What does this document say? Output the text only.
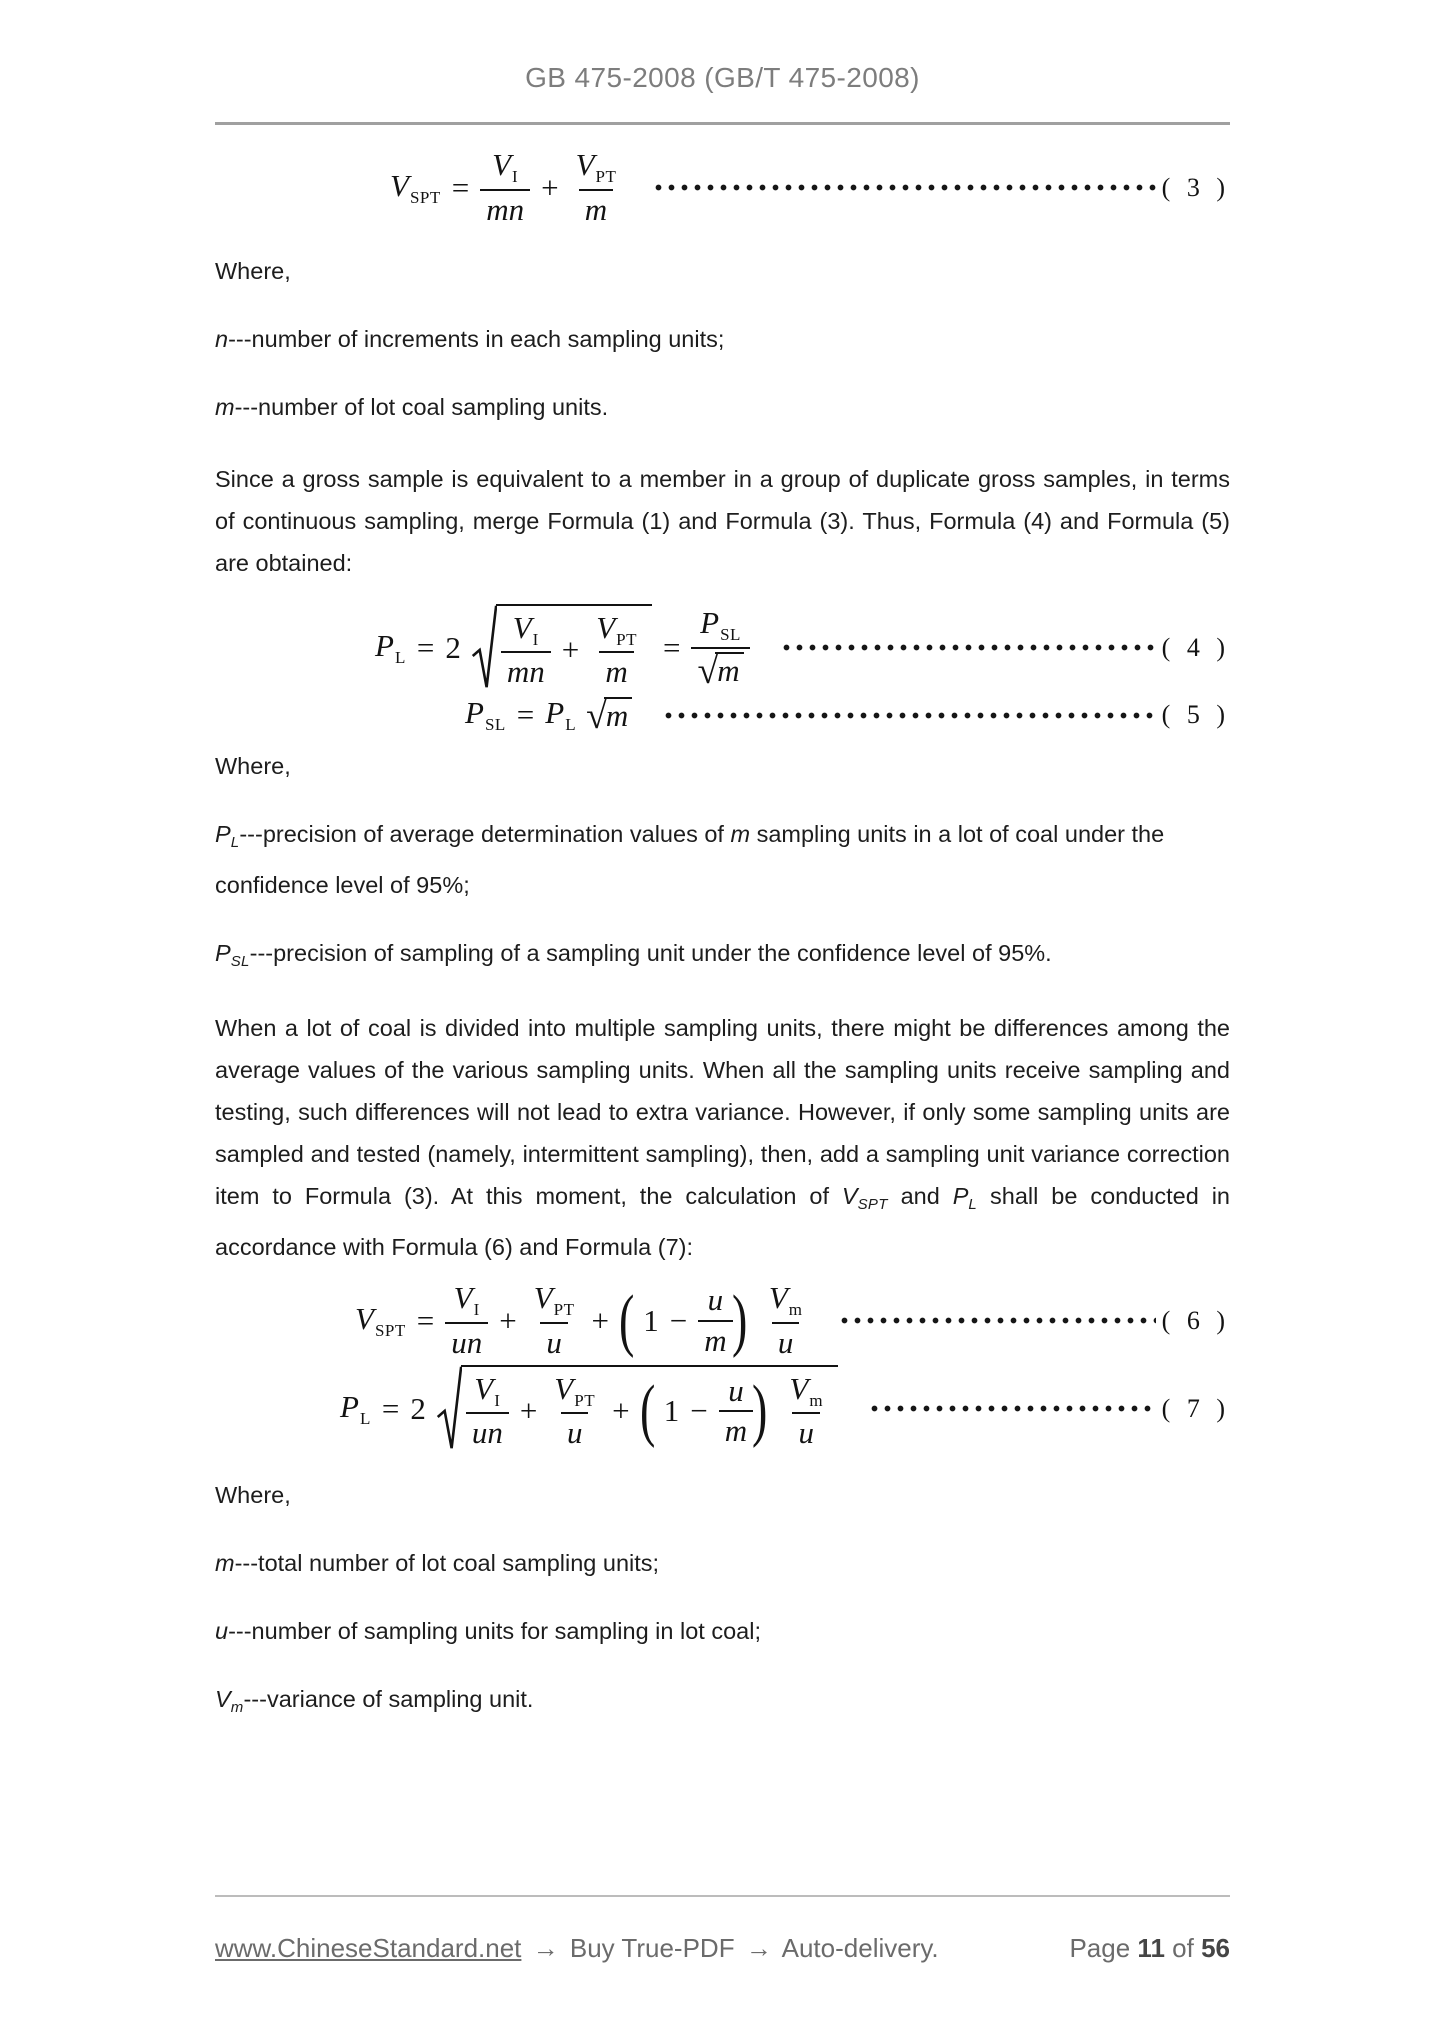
GB 475-2008 (GB/T 475-2008)
$V_{SPT} = \frac{V_I}{mn} + \frac{V_{PT}}{m}$	( 3 )

Where,

n---number of increments in each sampling units;

m---number of lot coal sampling units.

Since a gross sample is equivalent to a member in a group of duplicate gross samples, in terms of continuous sampling, merge Formula (1) and Formula (3). Thus, Formula (4) and Formula (5) are obtained:

$P_L = 2 \frac{V_I}{mn} + \frac{V_{PT}}{m} = \frac{P_{SL}}{√m}$	( 4 )
$P_{SL} = P_L$ √m	( 5 )

Where,

$P_L--$-precision of average determination values of m sampling units in a lot of coal under the confidence level of 95%;

$P_{SL}--$-precision of sampling of a sampling unit under the confidence level of 95%.

When a lot of coal is divided into multiple sampling units, there might be differences among the average values of the various sampling units. When all the sampling units receive sampling and testing, such differences will not lead to extra variance. However, if only some sampling units are sampled and tested (namely, intermittent sampling), then, add a sampling unit variance correction item to Formula (3). At this moment, the calculation of $V_{SPT}$ and $P_L$ shall be conducted in accordance with Formula (6) and Formula (7):

$V_{SPT} = \frac{V_I}{un} + \frac{V_{PT}}{u}$ + ( $1 - \frac{u}{m}$
) $\frac{V_m}{u}$	( 6 )
$P_L = 2 \frac{V_I}{un} + \frac{V_{PT}}{u}$ + ( $1 - \frac{u}{m}$
) $\frac{V_m}{u}$	( 7 )

Where,

m---total number of lot coal sampling units;

u---number of sampling units for sampling in lot coal;

$V_m--$-variance of sampling unit.

www.ChineseStandard.net → Buy True-PDF → Auto-delivery.	Page 11 of 56
